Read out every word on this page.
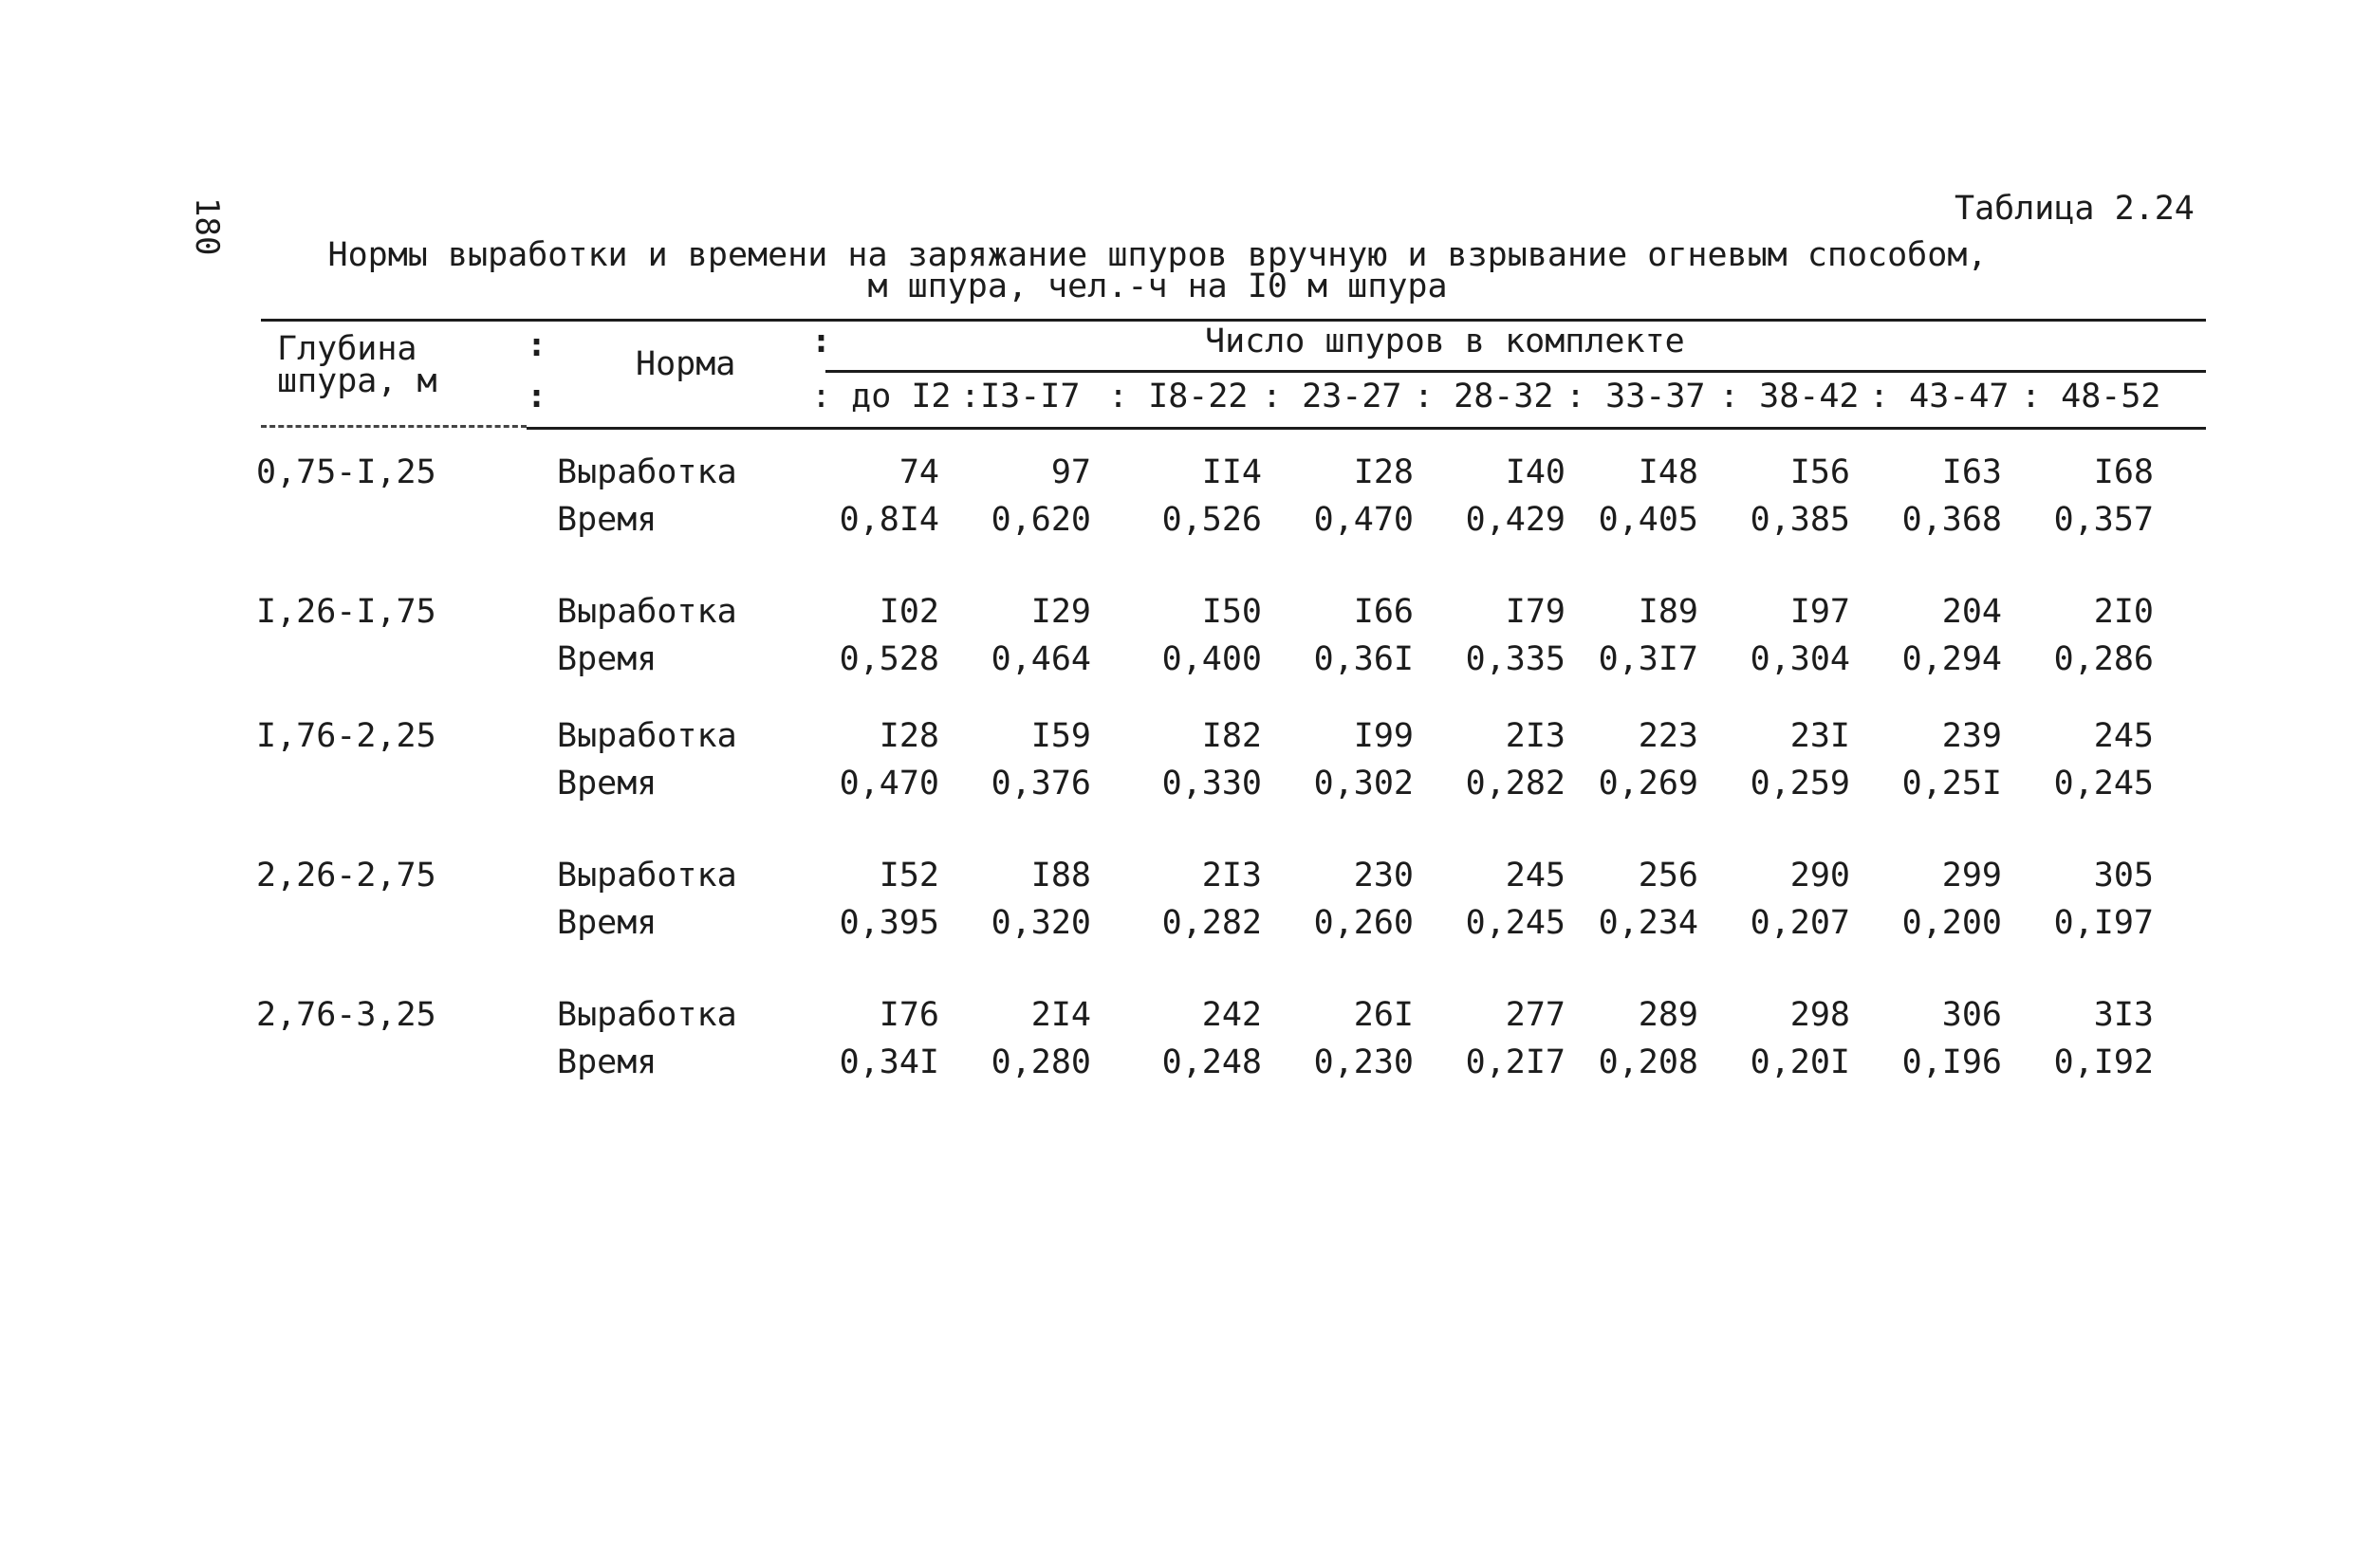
180	Таблица 2.24
Нормы выработки и времени на заряжание шпуров вручную и взрывание огневым способом,
м шпура, чел.-ч на I0 м шпура
Глубина
шпура, м
:
:
Норма
:	Число шпуров в комплекте
: до I2 :I3-I7 : I8-22 : 23-27 : 28-32 : 33-37 : 38-42 : 43-47 : 48-52
0,75-I,25	Выработка	74	97	II4	I28	I40	I48	I56	I63	I68
Время	0,8I4	0,620	0,526	0,470	0,429 0,405	0,385	0,368	0,357
I,26-I,75	Выработка	I02	I29	I50	I66	I79	I89	I97	204	2I0
Время	0,528	0,464	0,400	0,36I	0,335 0,3I7	0,304	0,294	0,286
I,76-2,25	Выработка	I28	I59	I82	I99	2I3	223	23I	239	245
Время	0,470	0,376	0,330	0,302	0,282 0,269	0,259	0,25I	0,245
2,26-2,75	Выработка	I52	I88	2I3	230	245	256	290	299	305
Время	0,395	0,320	0,282	0,260	0,245 0,234	0,207	0,200	0,I97
2,76-3,25	Выработка	I76	2I4	242	26I	277	289	298	306	3I3
Время	0,34I	0,280	0,248	0,230	0,2I7 0,208	0,20I	0,I96	0,I92
